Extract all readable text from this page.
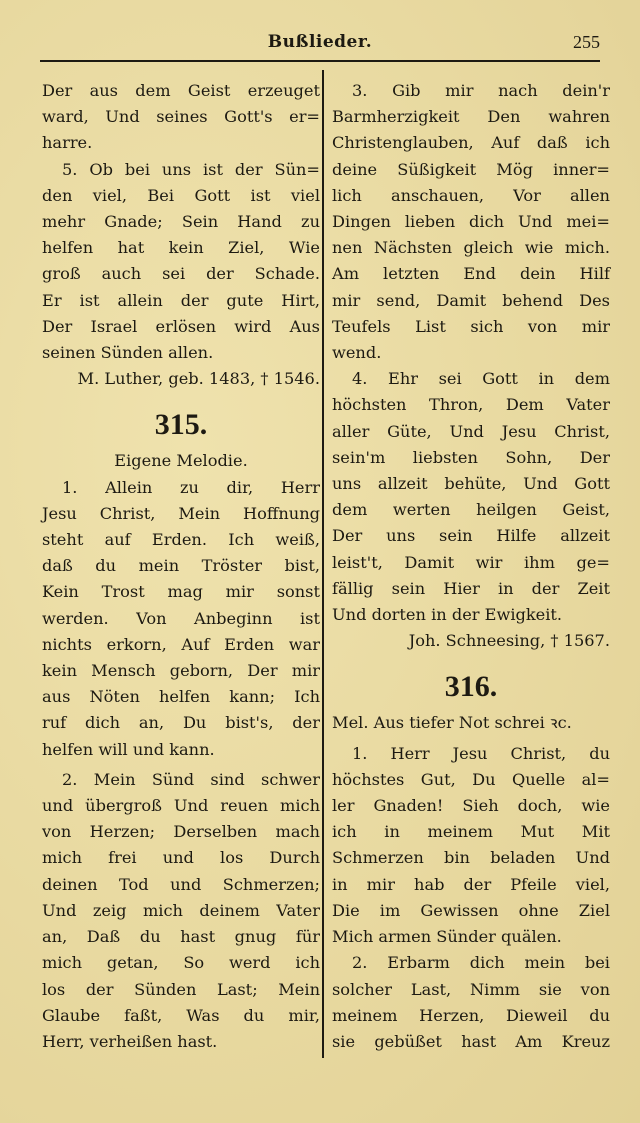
Bußlieder.	255
Der aus dem Geist erzeuget
ward, Und seines Gott's er=
harre.
5. Ob bei uns ist der Sün=
den viel, Bei Gott ist viel
mehr Gnade; Sein Hand zu
helfen hat kein Ziel, Wie
groß auch sei der Schade.
Er ist allein der gute Hirt,
Der Israel erlösen wird Aus
seinen Sünden allen.
M. Luther, geb. 1483, † 1546.
315.
Eigene Melodie.
1. Allein zu dir, Herr
Jesu Christ, Mein Hoffnung
steht auf Erden. Ich weiß,
daß du mein Tröster bist,
Kein Trost mag mir sonst
werden. Von Anbeginn ist
nichts erkorn, Auf Erden war
kein Mensch geborn, Der mir
aus Nöten helfen kann; Ich
ruf dich an, Du bist's, der
helfen will und kann.
2. Mein Sünd sind schwer
und übergroß Und reuen mich
von Herzen; Derselben mach
mich frei und los Durch
deinen Tod und Schmerzen;
Und zeig mich deinem Vater
an, Daß du hast gnug für
mich getan, So werd ich
los der Sünden Last; Mein
Glaube faßt, Was du mir,
Herr, verheißen hast.
3. Gib mir nach dein'r
Barmherzigkeit Den wahren
Christenglauben, Auf daß ich
deine Süßigkeit Mög inner=
lich anschauen, Vor allen
Dingen lieben dich Und mei=
nen Nächsten gleich wie mich.
Am letzten End dein Hilf
mir send, Damit behend Des
Teufels List sich von mir
wend.
4. Ehr sei Gott in dem
höchsten Thron, Dem Vater
aller Güte, Und Jesu Christ,
sein'm liebsten Sohn, Der
uns allzeit behüte, Und Gott
dem werten heilgen Geist,
Der uns sein Hilfe allzeit
leist't, Damit wir ihm ge=
fällig sein Hier in der Zeit
Und dorten in der Ewigkeit.
Joh. Schneesing, † 1567.
316.
Mel. Aus tiefer Not schrei ꝛc.
1. Herr Jesu Christ, du
höchstes Gut, Du Quelle al=
ler Gnaden! Sieh doch, wie
ich in meinem Mut Mit
Schmerzen bin beladen Und
in mir hab der Pfeile viel,
Die im Gewissen ohne Ziel
Mich armen Sünder quälen.
2. Erbarm dich mein bei
solcher Last, Nimm sie von
meinem Herzen, Dieweil du
sie gebüßet hast Am Kreuz
